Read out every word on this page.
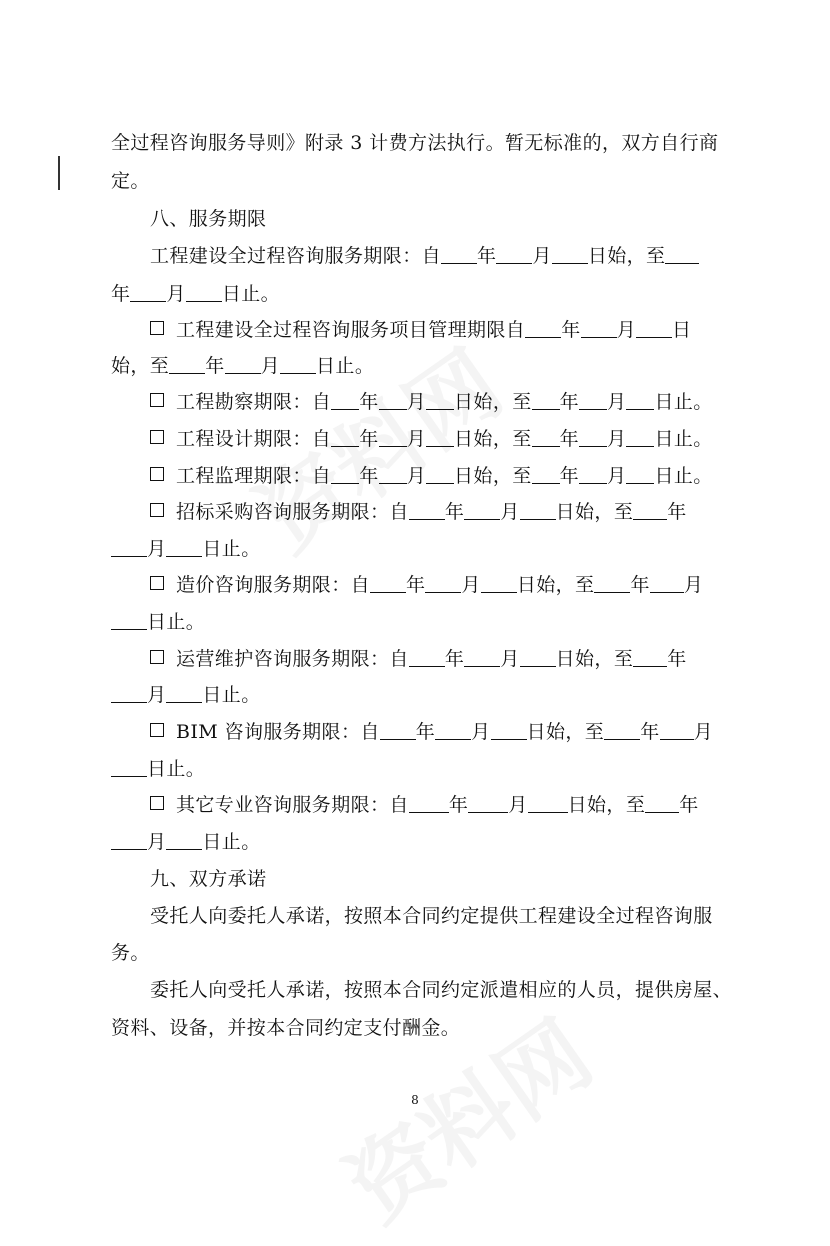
全过程咨询服务导则》附录 3 计费方法执行。暂无标准的，双方自行商
定。
八、服务期限
工程建设全过程咨询服务期限：自 年 月 日始，至
年 月 日止。
工程建设全过程咨询服务项目管理期限自 年 月 日
始，至 年 月 日止。
工程勘察期限：自 年 月 日始，至 年 月 日止。
工程设计期限：自 年 月 日始，至 年 月 日止。
工程监理期限：自 年 月 日始，至 年 月 日止。
招标采购咨询服务期限：自 年 月 日始，至 年
月 日止。
造价咨询服务期限：自 年 月 日始，至 年 月
日止。
运营维护咨询服务期限：自 年 月 日始，至 年
月 日止。
BIM 咨询服务期限：自 年 月 日始，至 年 月
日止。
其它专业咨询服务期限：自 年 月 日始，至 年
月 日止。
九、双方承诺
受托人向委托人承诺，按照本合同约定提供工程建设全过程咨询服
务。
委托人向受托人承诺，按照本合同约定派遣相应的人员，提供房屋、
资料、设备，并按本合同约定支付酬金。
8
